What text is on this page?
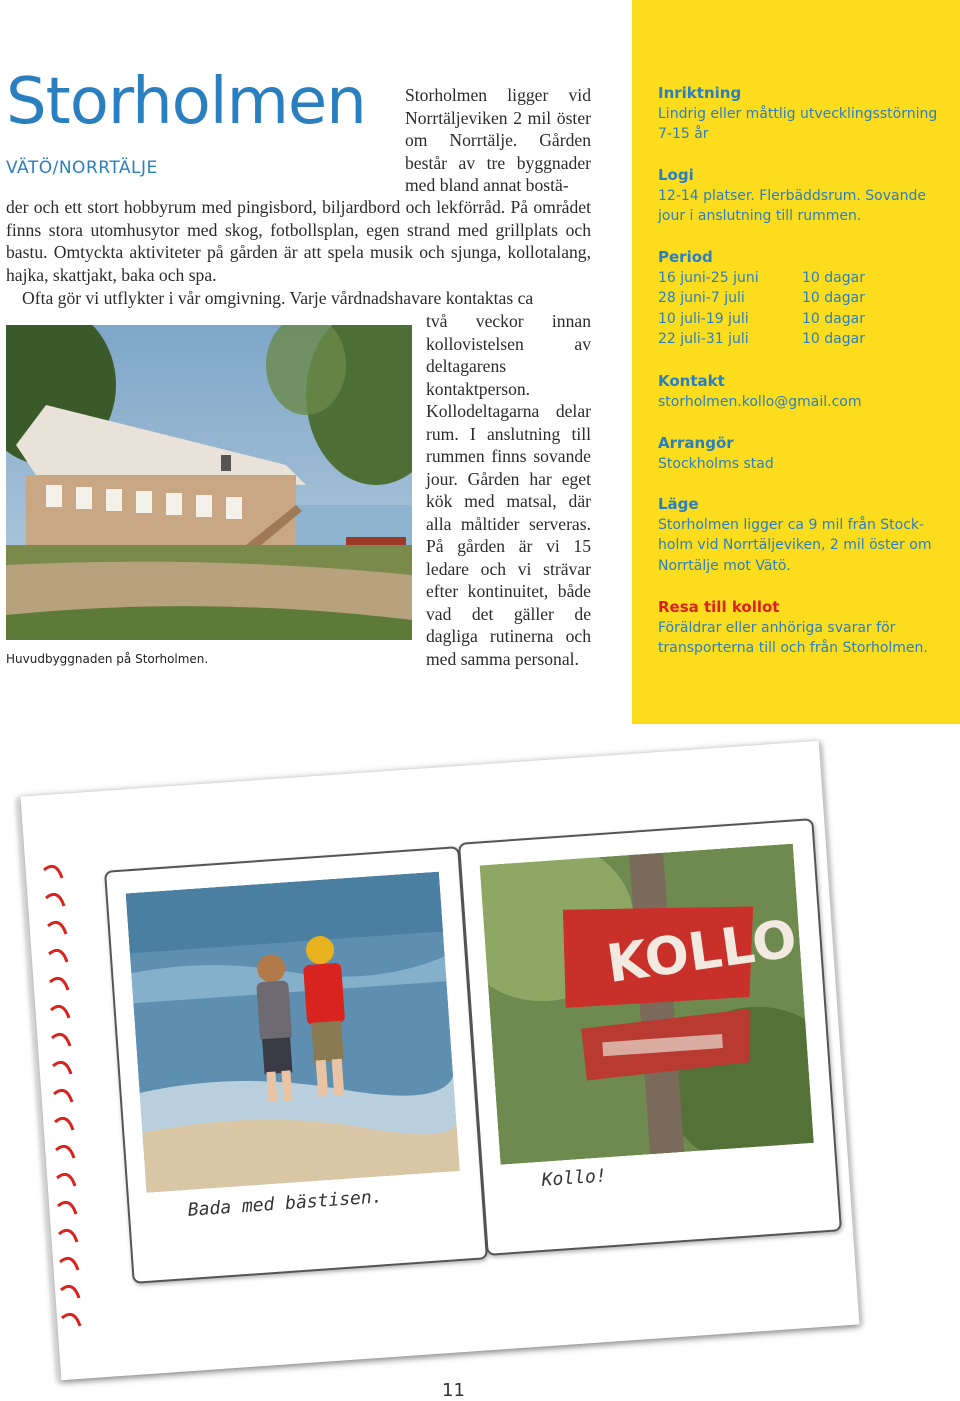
Storholmen
VÄTÖ/NORRTÄLJE
Storholmen ligger vid Norrtäljeviken 2 mil öster om Norrtälje. Gården består av tre byggnader med bland annat bostä-
der och ett stort hobbyrum med pingisbord, biljardbord och lekförråd. På området finns stora utomhusytor med skog, fotbollsplan, egen strand med grillplats och bastu. Omtyckta aktiviteter på gården är att spela musik och sjunga, kollotalang, hajka, skattjakt, baka och spa.
Ofta gör vi utflykter i vår omgivning. Varje vårdnadshavare kontaktas ca
två veckor innan kollovistelsen av deltagarens kontaktperson. Kollodeltagarna delar rum. I anslutning till rummen finns sovande jour. Gården har eget kök med matsal, där alla måltider serveras. På gården är vi 15 ledare och vi strävar efter kontinuitet, både vad det gäller de dagliga rutinerna och med samma personal.
Huvudbyggnaden på Storholmen.
Inriktning
Lindrig eller måttlig utvecklingsstörning
7-15 år
Logi
12-14 platser. Flerbäddsrum. Sovande
jour i anslutning till rummen.
Period
16 juni-25 juni	10 dagar
28 juni-7 juli	10 dagar
10 juli-19 juli	10 dagar
22 juli-31 juli	10 dagar
Kontakt
storholmen.kollo@gmail.com
Arrangör
Stockholms stad
Läge
Storholmen ligger ca 9 mil från Stock-
holm vid Norrtäljeviken, 2 mil öster om
Norrtälje mot Vätö.
Resa till kollot
Föräldrar eller anhöriga svarar för
transporterna till och från Storholmen.
Bada med bästisen.
KOLLO
Kollo!
11
